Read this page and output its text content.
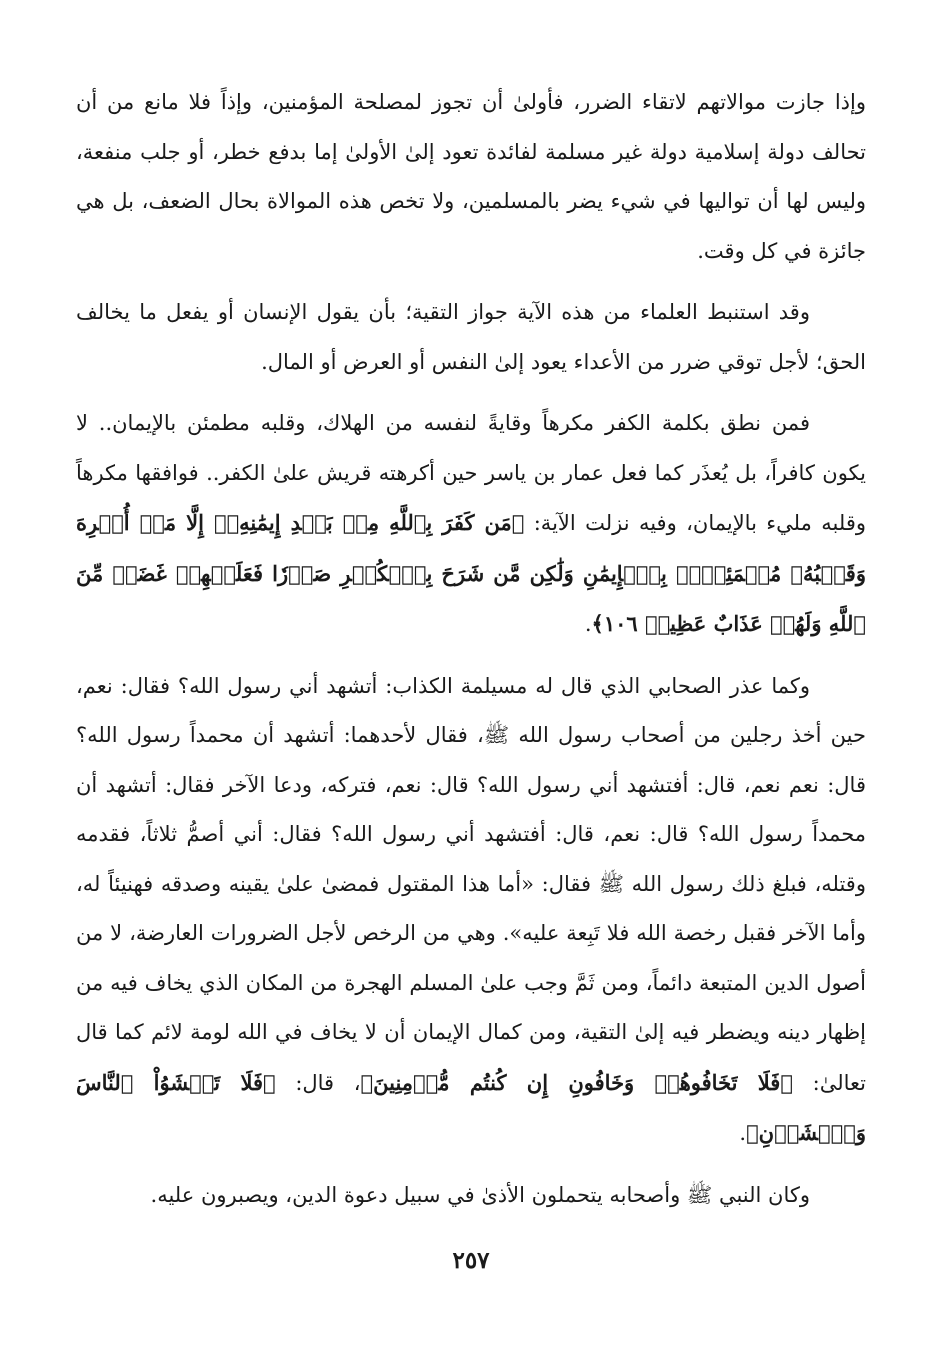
وإذا جازت موالاتهم لاتقاء الضرر، فأولىٰ أن تجوز لمصلحة المؤمنين، وإذاً فلا مانع من أن تحالف دولة إسلامية دولة غير مسلمة لفائدة تعود إلىٰ الأولىٰ إما بدفع خطر، أو جلب منفعة، وليس لها أن تواليها في شيء يضر بالمسلمين، ولا تخص هذه الموالاة بحال الضعف، بل هي جائزة في كل وقت.

وقد استنبط العلماء من هذه الآية جواز التقية؛ بأن يقول الإنسان أو يفعل ما يخالف الحق؛ لأجل توقي ضرر من الأعداء يعود إلىٰ النفس أو العرض أو المال.

فمن نطق بكلمة الكفر مكرهاً وقايةً لنفسه من الهلاك، وقلبه مطمئن بالإيمان.. لا يكون كافراً، بل يُعذَر كما فعل عمار بن ياسر حين أكرهته قريش علىٰ الكفر.. فوافقها مكرهاً وقلبه مليء بالإيمان، وفيه نزلت الآية: ﴿مَن كَفَرَ بِٱللَّهِ مِنۢ بَعۡدِ إِيمَٰنِهِۦٓ إِلَّا مَنۡ أُكۡرِهَ وَقَلۡبُهُۥ مُطۡمَئِنُّۢ بِٱلۡإِيمَٰنِ وَلَٰكِن مَّن شَرَحَ بِٱلۡكُفۡرِ صَدۡرٗا فَعَلَيۡهِمۡ غَضَبٞ مِّنَ ٱللَّهِ وَلَهُمۡ عَذَابٌ عَظِيمٞ ١٠٦﴾.

وكما عذر الصحابي الذي قال له مسيلمة الكذاب: أتشهد أني رسول الله؟ فقال: نعم، حين أخذ رجلين من أصحاب رسول الله ﷺ، فقال لأحدهما: أتشهد أن محمداً رسول الله؟ قال: نعم نعم، قال: أفتشهد أني رسول الله؟ قال: نعم، فتركه، ودعا الآخر فقال: أتشهد أن محمداً رسول الله؟ قال: نعم، قال: أفتشهد أني رسول الله؟ فقال: أني أصمُّ ثلاثاً، فقدمه وقتله، فبلغ ذلك رسول الله ﷺ فقال: «أما هذا المقتول فمضىٰ علىٰ يقينه وصدقه فهنيئاً له، وأما الآخر فقبل رخصة الله فلا تَبِعة عليه». وهي من الرخص لأجل الضرورات العارضة، لا من أصول الدين المتبعة دائماً، ومن ثَمَّ وجب علىٰ المسلم الهجرة من المكان الذي يخاف فيه من إظهار دينه ويضطر فيه إلىٰ التقية، ومن كمال الإيمان أن لا يخاف في الله لومة لائم كما قال تعالىٰ: ﴿فَلَا تَخَافُوهُمۡ وَخَافُونِ إِن كُنتُم مُّؤۡمِنِينَ﴾، قال: ﴿فَلَا تَخۡشَوُاْ ٱلنَّاسَ وَٱخۡشَوۡنِ﴾.

وكان النبي ﷺ وأصحابه يتحملون الأذىٰ في سبيل دعوة الدين، ويصبرون عليه.

٢٥٧
